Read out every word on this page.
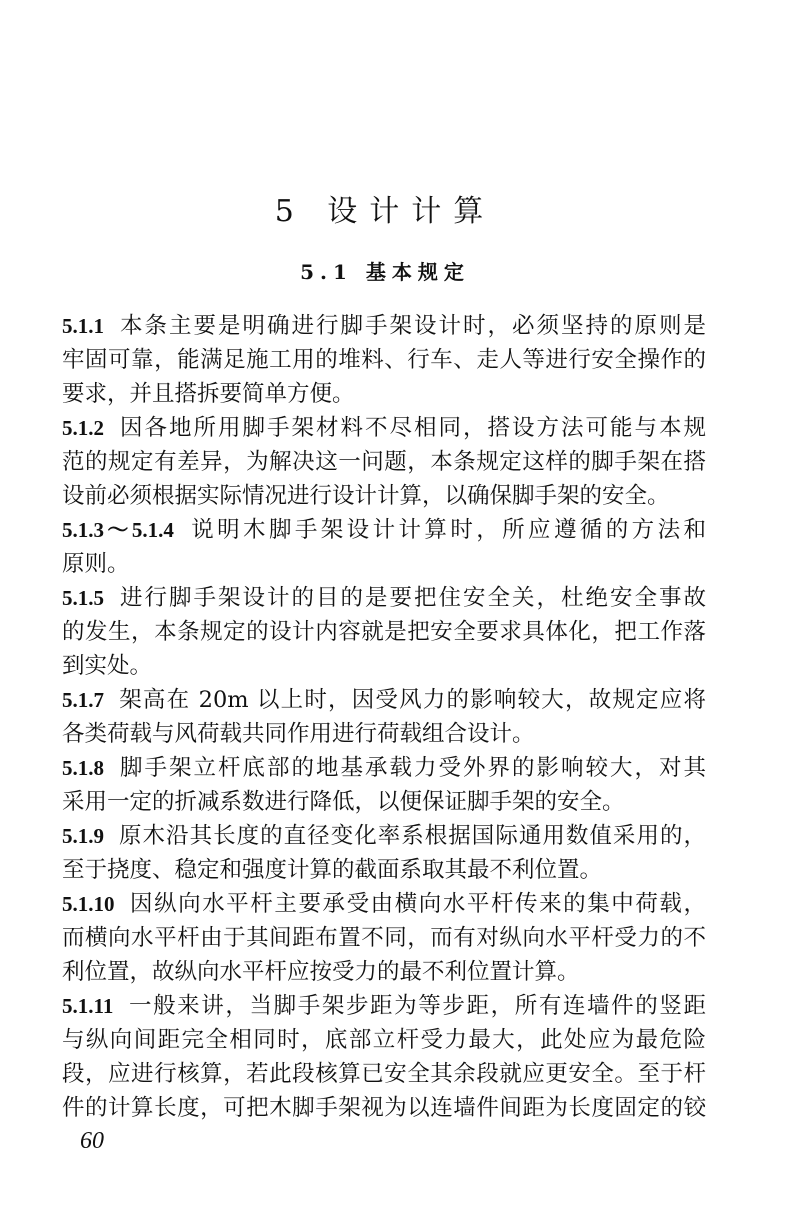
5 设计计算
5.1 基本规定
5.1.1 本条主要是明确进行脚手架设计时，必须坚持的原则是
牢固可靠，能满足施工用的堆料、行车、走人等进行安全操作的
要求，并且搭拆要简单方便。
5.1.2 因各地所用脚手架材料不尽相同，搭设方法可能与本规
范的规定有差异，为解决这一问题，本条规定这样的脚手架在搭
设前必须根据实际情况进行设计计算，以确保脚手架的安全。
5.1.3～5.1.4 说明木脚手架设计计算时，所应遵循的方法和
原则。
5.1.5 进行脚手架设计的目的是要把住安全关，杜绝安全事故
的发生，本条规定的设计内容就是把安全要求具体化，把工作落
到实处。
5.1.7 架高在 20m 以上时，因受风力的影响较大，故规定应将
各类荷载与风荷载共同作用进行荷载组合设计。
5.1.8 脚手架立杆底部的地基承载力受外界的影响较大，对其
采用一定的折减系数进行降低，以便保证脚手架的安全。
5.1.9 原木沿其长度的直径变化率系根据国际通用数值采用的，
至于挠度、稳定和强度计算的截面系取其最不利位置。
5.1.10 因纵向水平杆主要承受由横向水平杆传来的集中荷载，
而横向水平杆由于其间距布置不同，而有对纵向水平杆受力的不
利位置，故纵向水平杆应按受力的最不利位置计算。
5.1.11 一般来讲，当脚手架步距为等步距，所有连墙件的竖距
与纵向间距完全相同时，底部立杆受力最大，此处应为最危险
段，应进行核算，若此段核算已安全其余段就应更安全。至于杆
件的计算长度，可把木脚手架视为以连墙件间距为长度固定的铰
60
